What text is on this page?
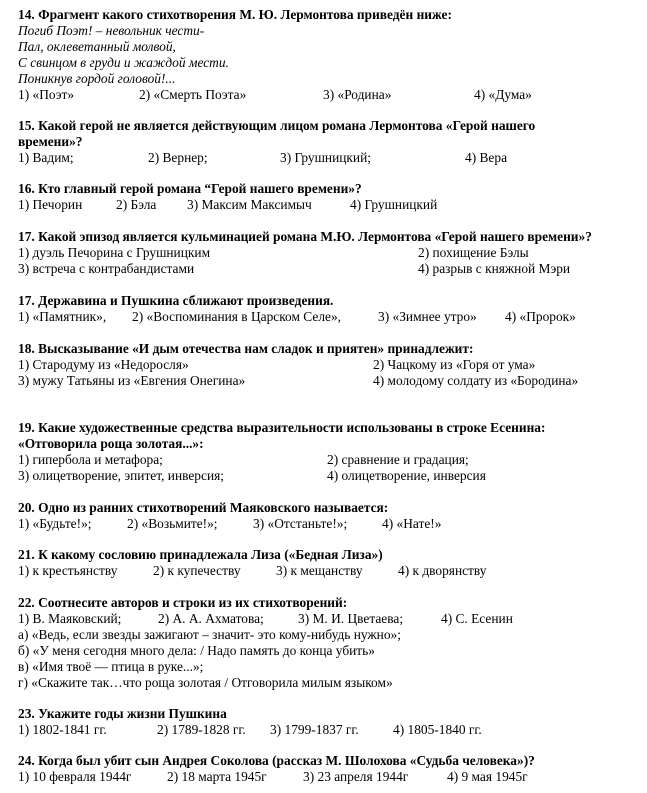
14. Фрагмент какого стихотворения М. Ю. Лермонтова приведён ниже:
Погиб Поэт! – невольник чести-
Пал, оклеветанный молвой,
С свинцом в груди и жаждой мести.
Поникнув гордой головой!...
1) «Поэт»	2) «Смерть Поэта»	3) «Родина»	4) «Дума»
15. Какой герой не является действующим лицом романа Лермонтова «Герой нашего
времени»?
1) Вадим;	2) Вернер;	3) Грушницкий;	4) Вера
16. Кто главный герой романа “Герой нашего времени»?
1) Печорин	2) Бэла 3) Максим Максимыч	4) Грушницкий
17. Какой эпизод является кульминацией романа М.Ю. Лермонтова «Герой нашего времени»?
1) дуэль Печорина с Грушницким	2) похищение Бэлы
3) встреча с контрабандистами	4) разрыв с княжной Мэри
17. Державина и Пушкина сближают произведения.
1) «Памятник», 2) «Воспоминания в Царском Селе»,	3) «Зимнее утро» 4) «Пророк»
18. Высказывание «И дым отечества нам сладок и приятен» принадлежит:
1) Стародуму из «Недоросля»	2) Чацкому из «Горя от ума»
3) мужу Татьяны из «Евгения Онегина»	4) молодому солдату из «Бородина»
19. Какие художественные средства выразительности использованы в строке Есенина:
«Отговорила роща золотая...»:
1) гипербола и метафора;	2) сравнение и градация;
3) олицетворение, эпитет, инверсия;	4) олицетворение, инверсия
20. Одно из ранних стихотворений Маяковского называется:
1) «Будьте!»;	2) «Возьмите!»;	3) «Отстаньте!»;	4) «Нате!»
21. К какому сословию принадлежала Лиза («Бедная Лиза»)
1) к крестьянству	2) к купечеству	3) к мещанству	4) к дворянству
22. Соотнесите авторов и строки из их стихотворений:
1) В. Маяковский;	2) А. А. Ахматова;	3) М. И. Цветаева;	4) С. Есенин
а) «Ведь, если звезды зажигают – значит- это кому-нибудь нужно»;
б) «У меня сегодня много дела: / Надо память до конца убить»
в) «Имя твоё — птица в руке...»;
г) «Скажите так…что роща золотая / Отговорила милым языком»
23. Укажите годы жизни Пушкина
1) 1802-1841 гг.	2) 1789-1828 гг. 3) 1799-1837 гг.	4) 1805-1840 гг.
24. Когда был убит сын Андрея Соколова (рассказ М. Шолохова «Судьба человека»)?
1) 10 февраля 1944г	2) 18 марта 1945г	3) 23 апреля 1944г	4) 9 мая 1945г
